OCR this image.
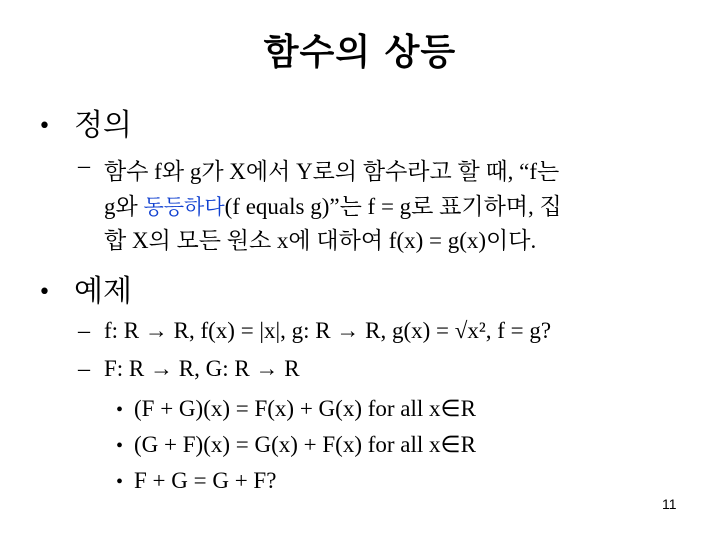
함수의 상등
• 정의
– 함수 f와 g가 X에서 Y로의 함수라고 할 때, “f는
g와 동등하다(f equals g)”는 f = g로 표기하며, 집
합 X의 모든 원소 x에 대하여 f(x) = g(x)이다.
• 예제
– f: R → R, f(x) = |x|, g: R → R, g(x) = √x², f = g?
– F: R → R, G: R → R
• (F + G)(x) = F(x) + G(x) for all x∈R
• (G + F)(x) = G(x) + F(x) for all x∈R
• F + G = G + F?
11
